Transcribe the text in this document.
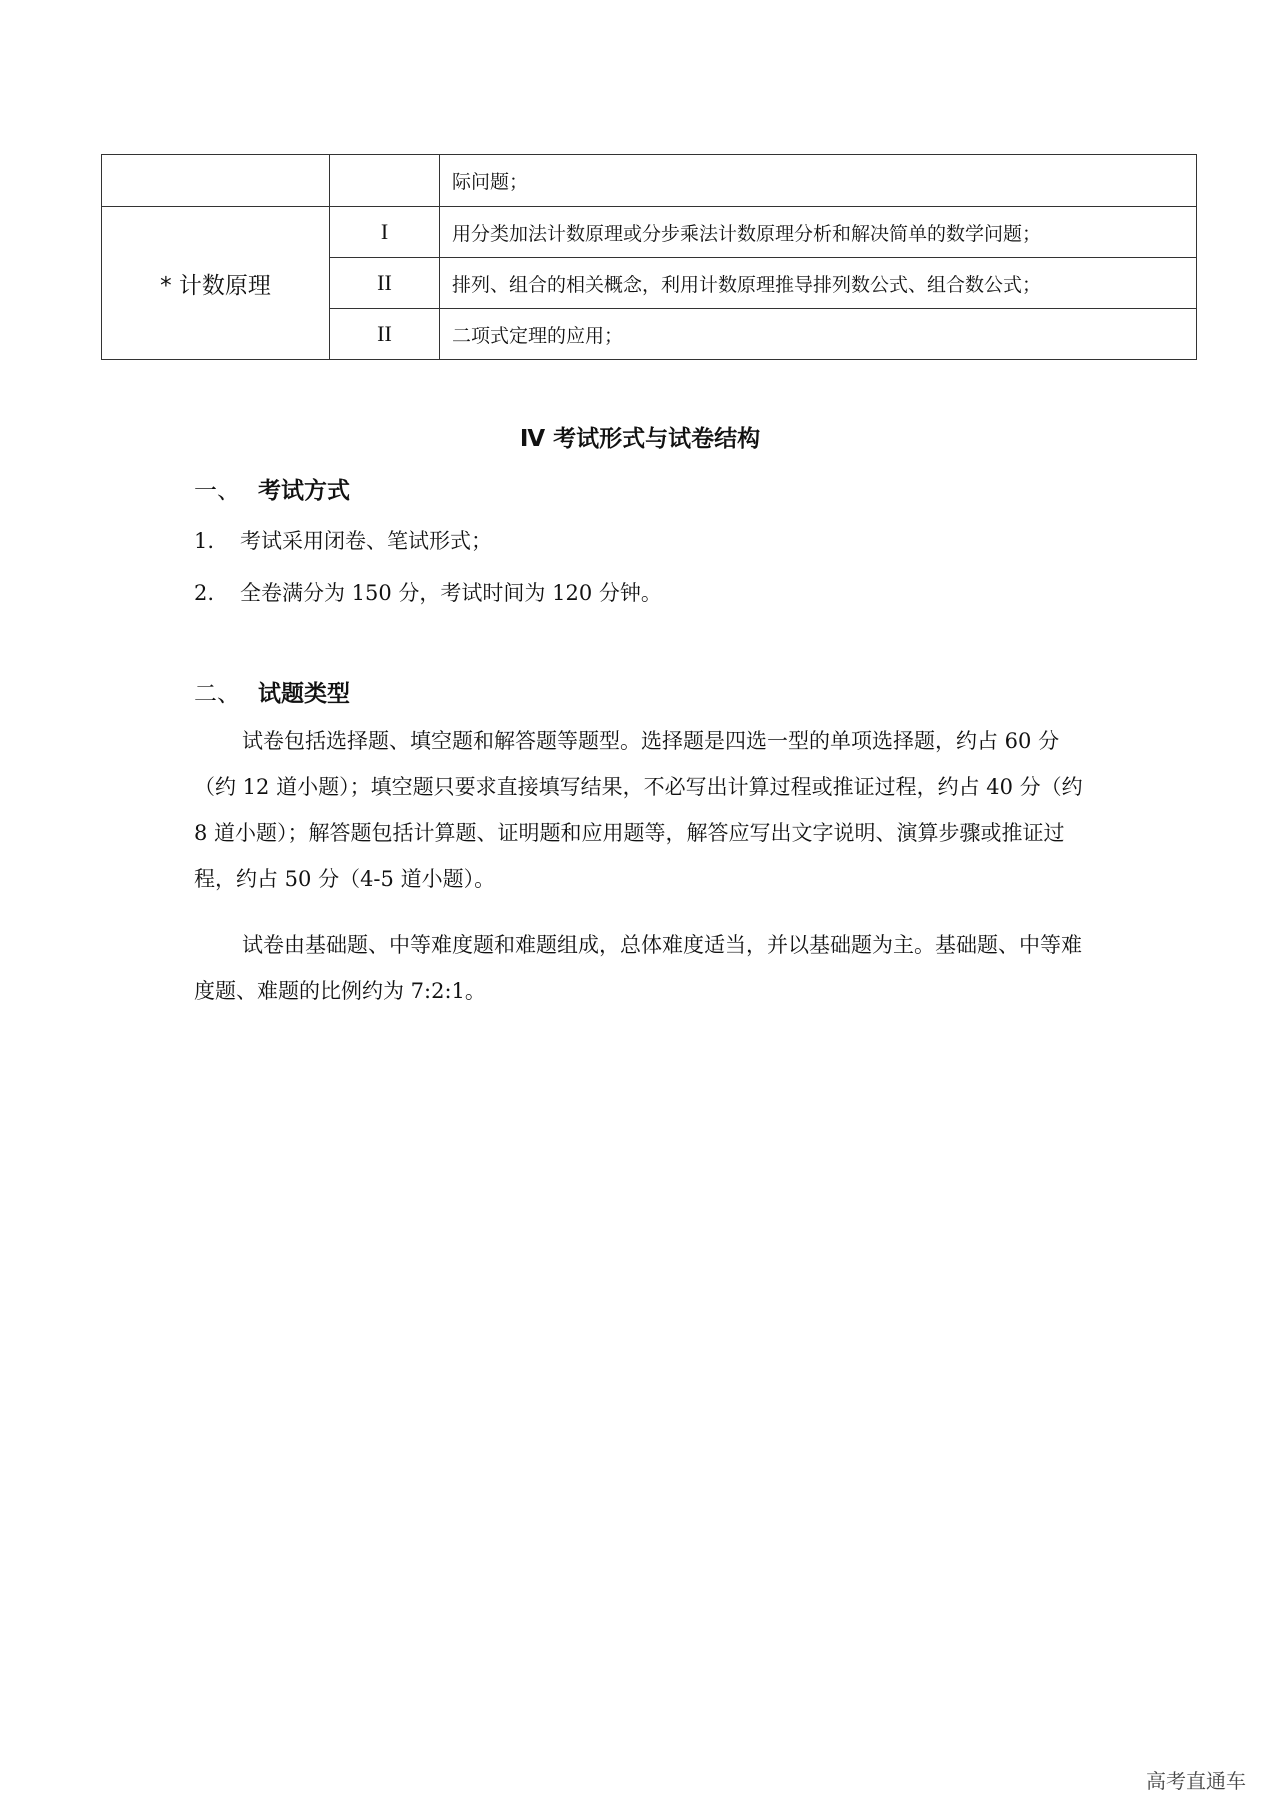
		际问题；
* 计数原理	I	用分类加法计数原理或分步乘法计数原理分析和解决简单的数学问题；
	II	排列、组合的相关概念，利用计数原理推导排列数公式、组合数公式；
	II	二项式定理的应用；
Ⅳ 考试形式与试卷结构
一、 考试方式
1. 考试采用闭卷、笔试形式；
2. 全卷满分为 150 分，考试时间为 120 分钟。
二、 试题类型

试卷包括选择题、填空题和解答题等题型。选择题是四选一型的单项选择题，约占 60 分（约 12 道小题）；填空题只要求直接填写结果，不必写出计算过程或推证过程，约占 40 分（约 8 道小题）；解答题包括计算题、证明题和应用题等，解答应写出文字说明、演算步骤或推证过程，约占 50 分（4-5 道小题）。

试卷由基础题、中等难度题和难题组成，总体难度适当，并以基础题为主。基础题、中等难度题、难题的比例约为 7:2:1。

高考直通车
